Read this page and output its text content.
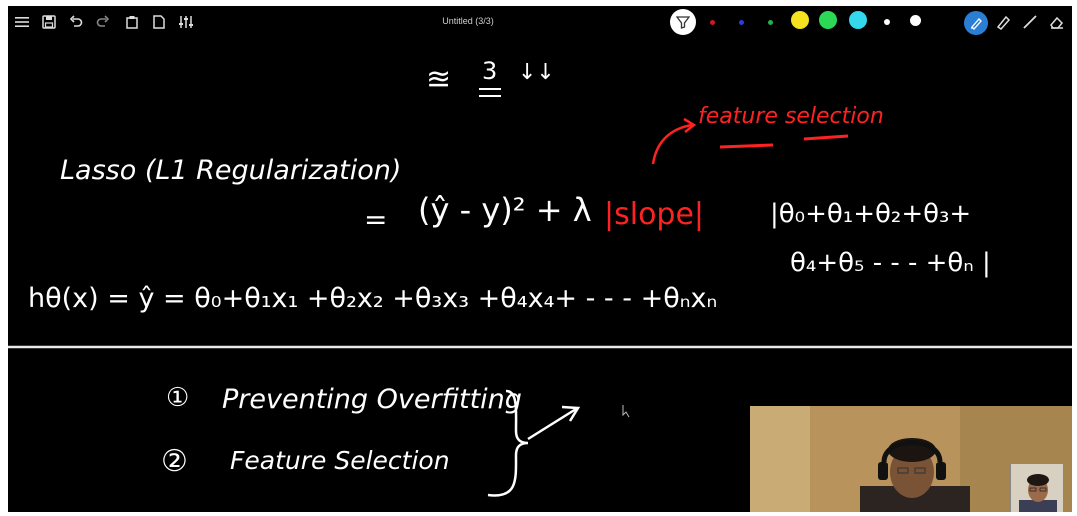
Untitled (3/3)
≊ 3 ↓↓
Lasso (L1 Regularization)
= (ŷ - y)² + λ |slope|
feature selection
|θ₀+θ₁+θ₂+θ₃+
θ₄+θ₅ - - - +θₙ |
hθ(x) = ŷ = θ₀+θ₁x₁ +θ₂x₂ +θ₃x₃ +θ₄x₄+ - - - +θₙxₙ
① Preventing Overfitting
② Feature Selection
